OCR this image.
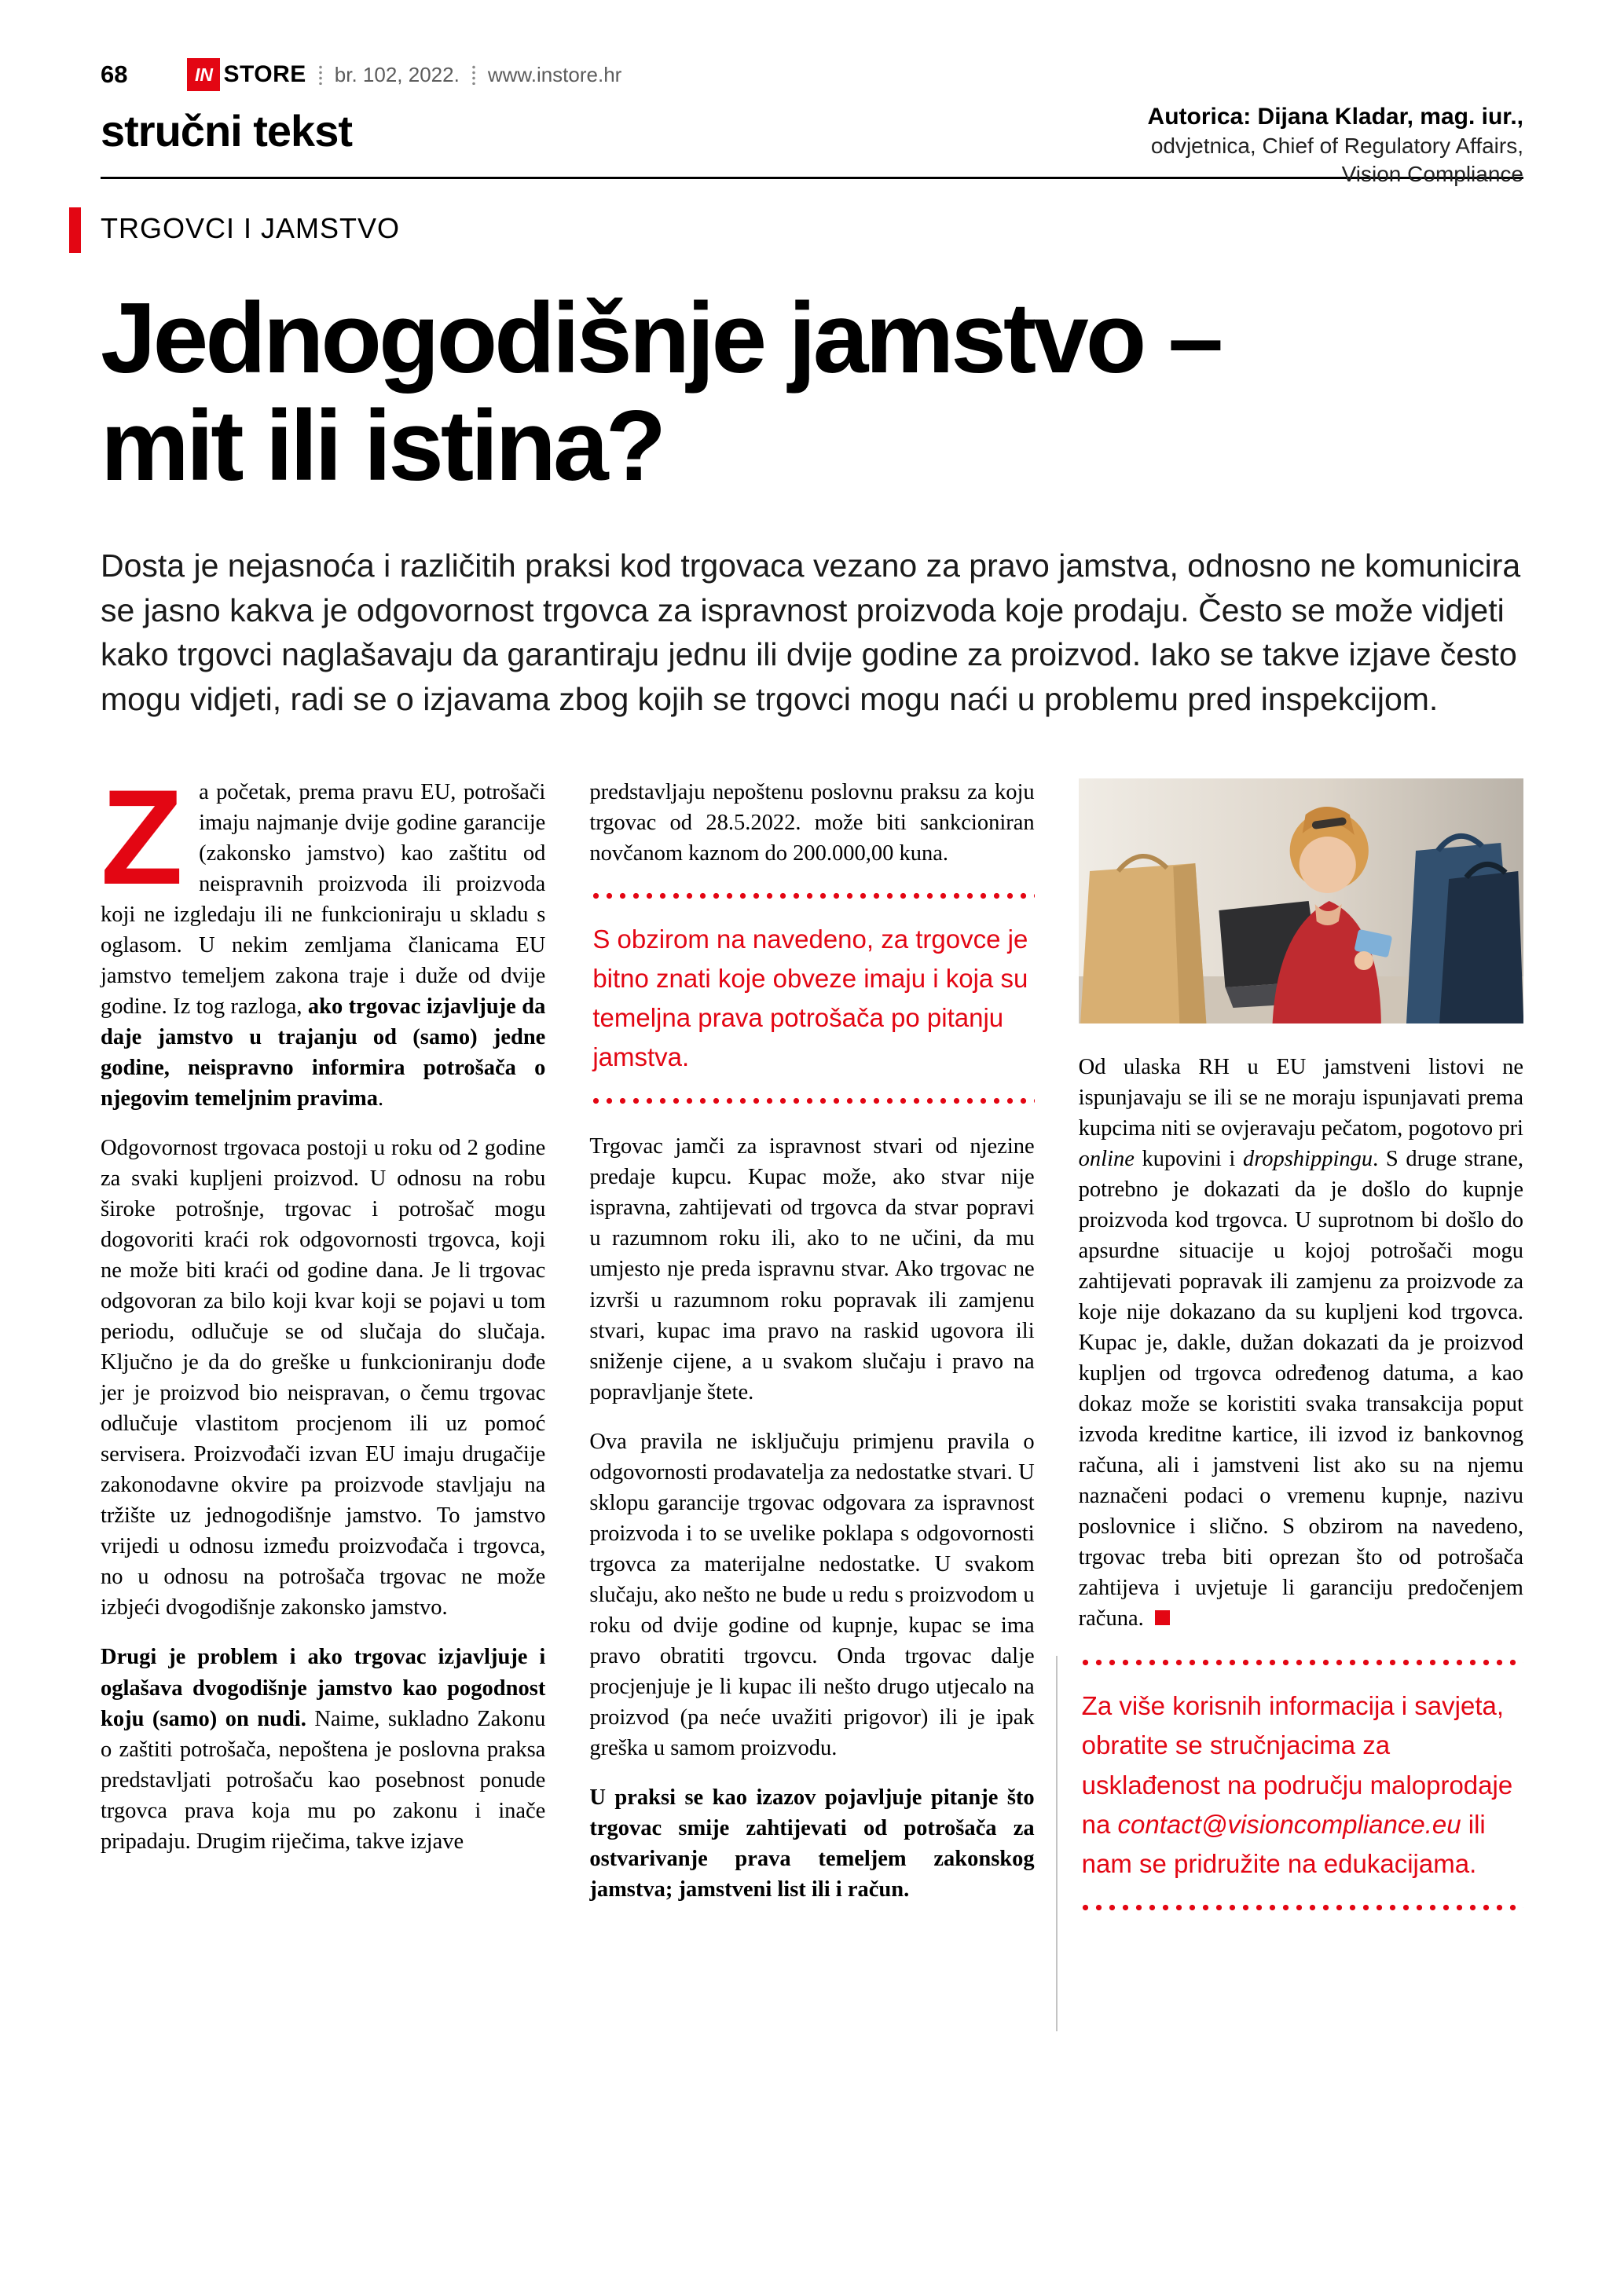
68	IN STORE br. 102, 2022. www.instore.hr
stručni tekst	Autorica: Dijana Kladar, mag. iur.,
odvjetnica, Chief of Regulatory Affairs,
Vision Compliance
TRGOVCI I JAMSTVO
Jednogodišnje jamstvo –
mit ili istina?

Dosta je nejasnoća i različitih praksi kod trgovaca vezano za pravo jamstva, odnosno ne komunicira se jasno kakva je odgovornost trgovca za ispravnost proizvoda koje prodaju. Često se može vidjeti kako trgovci naglašavaju da garantiraju jednu ili dvije godine za proizvod. Iako se takve izjave često mogu vidjeti, radi se o izjavama zbog kojih se trgovci mogu naći u problemu pred inspekcijom.

Za početak, prema pravu EU, potrošači imaju najmanje dvije godine garancije (zakonsko jamstvo) kao zaštitu od neispravnih proizvoda ili proizvoda koji ne izgledaju ili ne funkcioniraju u skladu s oglasom. U nekim zemljama članicama EU jamstvo temeljem zakona traje i duže od dvije godine. Iz tog razloga, ako trgovac izjavljuje da daje jamstvo u trajanju od (samo) jedne godine, neispravno informira potrošača o njegovim temeljnim pravima.

Odgovornost trgovaca postoji u roku od 2 godine za svaki kupljeni proizvod. U odnosu na robu široke potrošnje, trgovac i potrošač mogu dogovoriti kraći rok odgovornosti trgovca, koji ne može biti kraći od godine dana. Je li trgovac odgovoran za bilo koji kvar koji se pojavi u tom periodu, odlučuje se od slučaja do slučaja. Ključno je da do greške u funkcioniranju dođe jer je proizvod bio neispravan, o čemu trgovac odlučuje vlastitom procjenom ili uz pomoć servisera. Proizvođači izvan EU imaju drugačije zakonodavne okvire pa proizvode stavljaju na tržište uz jednogodišnje jamstvo. To jamstvo vrijedi u odnosu između proizvođača i trgovca, no u odnosu na potrošača trgovac ne može izbjeći dvogodišnje zakonsko jamstvo.

Drugi je problem i ako trgovac izjavljuje i oglašava dvogodišnje jamstvo kao pogodnost koju (samo) on nudi. Naime, sukladno Zakonu o zaštiti potrošača, nepoštena je poslovna praksa predstavljati potrošaču kao posebnost ponude trgovca prava koja mu po zakonu i inače pripadaju. Drugim riječima, takve izjave

predstavljaju nepoštenu poslovnu praksu za koju trgovac od 28.5.2022. može biti sankcioniran novčanom kaznom do 200.000,00 kuna.

S obzirom na navedeno, za trgovce je bitno znati koje obveze imaju i koja su temeljna prava potrošača po pitanju jamstva.

Trgovac jamči za ispravnost stvari od njezine predaje kupcu. Kupac može, ako stvar nije ispravna, zahtijevati od trgovca da stvar popravi u razumnom roku ili, ako to ne učini, da mu umjesto nje preda ispravnu stvar. Ako trgovac ne izvrši u razumnom roku popravak ili zamjenu stvari, kupac ima pravo na raskid ugovora ili sniženje cijene, a u svakom slučaju i pravo na popravljanje štete.

Ova pravila ne isključuju primjenu pravila o odgovornosti prodavatelja za nedostatke stvari. U sklopu garancije trgovac odgovara za ispravnost proizvoda i to se uvelike poklapa s odgovornosti trgovca za materijalne nedostatke. U svakom slučaju, ako nešto ne bude u redu s proizvodom u roku od dvije godine od kupnje, kupac se ima pravo obratiti trgovcu. Onda trgovac dalje procjenjuje je li kupac ili nešto drugo utjecalo na proizvod (pa neće uvažiti prigovor) ili je ipak greška u samom proizvodu.

U praksi se kao izazov pojavljuje pitanje što trgovac smije zahtijevati od potrošača za ostvarivanje prava temeljem zakonskog jamstva; jamstveni list ili i račun.

Od ulaska RH u EU jamstveni listovi ne ispunjavaju se ili se ne moraju ispunjavati prema kupcima niti se ovjeravaju pečatom, pogotovo pri online kupovini i dropshippingu. S druge strane, potrebno je dokazati da je došlo do kupnje proizvoda kod trgovca. U suprotnom bi došlo do apsurdne situacije u kojoj potrošači mogu zahtijevati popravak ili zamjenu za proizvode za koje nije dokazano da su kupljeni kod trgovca. Kupac je, dakle, dužan dokazati da je proizvod kupljen od trgovca određenog datuma, a kao dokaz može se koristiti svaka transakcija poput izvoda kreditne kartice, ili izvod iz bankovnog računa, ali i jamstveni list ako su na njemu naznačeni podaci o vremenu kupnje, nazivu poslovnice i slično. S obzirom na navedeno, trgovac treba biti oprezan što od potrošača zahtijeva i uvjetuje li garanciju predočenjem računa.

Za više korisnih informacija i savjeta, obratite se stručnjacima za usklađenost na području maloprodaje na contact@visioncompliance.eu ili nam se pridružite na edukacijama.
